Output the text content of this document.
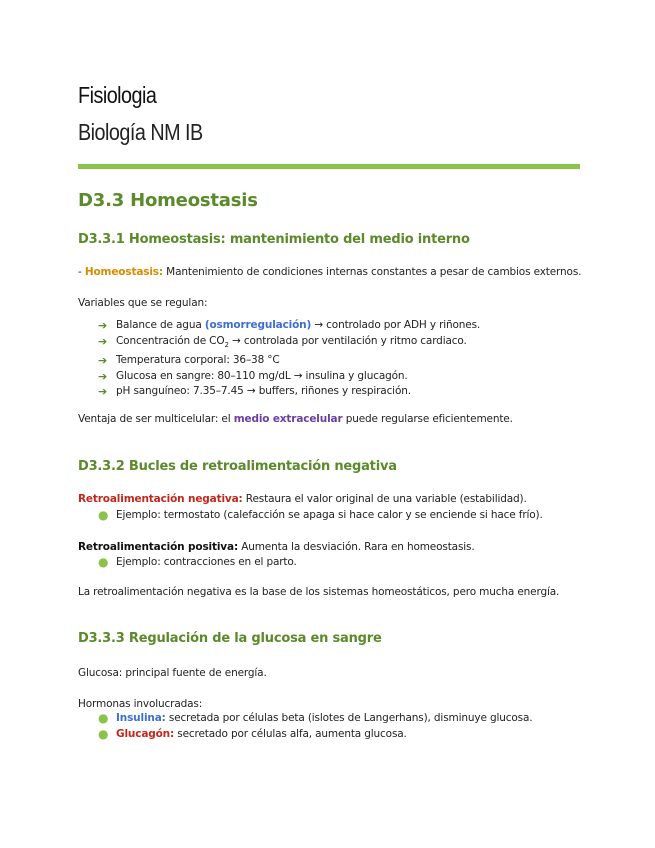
Fisiologia
Biología NM IB
D3.3 Homeostasis
D3.3.1 Homeostasis: mantenimiento del medio interno

- Homeostasis: Mantenimiento de condiciones internas constantes a pesar de cambios externos.

Variables que se regulan:

➔ Balance de agua (osmorregulación) → controlado por ADH y riñones.
➔ Concentración de $CO_2$ → controlada por ventilación y ritmo cardiaco.
➔ Temperatura corporal: 36–38 °C
➔ Glucosa en sangre: 80–110 mg/dL → insulina y glucagón.
➔ pH sanguíneo: 7.35–7.45 → buffers, riñones y respiración.

Ventaja de ser multicelular: el medio extracelular puede regularse eficientemente.

D3.3.2 Bucles de retroalimentación negativa

Retroalimentación negativa: Restaura el valor original de una variable (estabilidad).

● Ejemplo: termostato (calefacción se apaga si hace calor y se enciende si hace frío).

Retroalimentación positiva: Aumenta la desviación. Rara en homeostasis.

● Ejemplo: contracciones en el parto.

La retroalimentación negativa es la base de los sistemas homeostáticos, pero mucha energía.

D3.3.3 Regulación de la glucosa en sangre

Glucosa: principal fuente de energía.

Hormonas involucradas:

● Insulina: secretada por células beta (islotes de Langerhans), disminuye glucosa.
● Glucagón: secretado por células alfa, aumenta glucosa.
